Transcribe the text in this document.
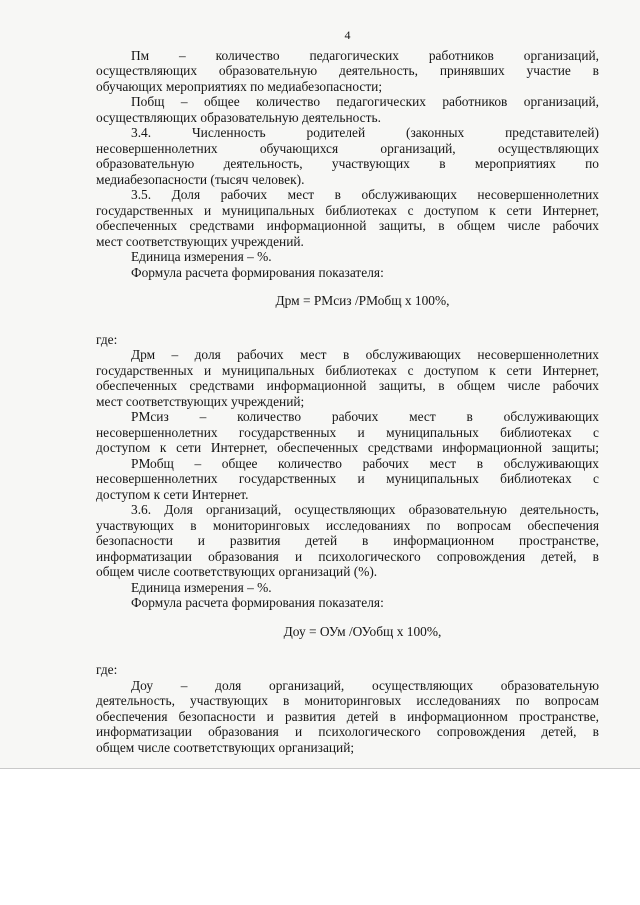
4
Пм – количество педагогических работников организаций,
осуществляющих образовательную деятельность, принявших участие в
обучающих мероприятиях по медиабезопасности;
Побщ – общее количество педагогических работников организаций,
осуществляющих образовательную деятельность.
3.4. Численность родителей (законных представителей)
несовершеннолетних обучающихся организаций, осуществляющих
образовательную деятельность, участвующих в мероприятиях по
медиабезопасности (тысяч человек).
3.5. Доля рабочих мест в обслуживающих несовершеннолетних
государственных и муниципальных библиотеках с доступом к сети Интернет,
обеспеченных средствами информационной защиты, в общем числе рабочих
мест соответствующих учреждений.
Единица измерения – %.
Формула расчета формирования показателя:
Дрм = РМсиз /РМобщ х 100%,
где:
Дрм – доля рабочих мест в обслуживающих несовершеннолетних
государственных и муниципальных библиотеках с доступом к сети Интернет,
обеспеченных средствами информационной защиты, в общем числе рабочих
мест соответствующих учреждений;
РМсиз – количество рабочих мест в обслуживающих
несовершеннолетних государственных и муниципальных библиотеках с
доступом к сети Интернет, обеспеченных средствами информационной защиты;
РМобщ – общее количество рабочих мест в обслуживающих
несовершеннолетних государственных и муниципальных библиотеках с
доступом к сети Интернет.
3.6. Доля организаций, осуществляющих образовательную деятельность,
участвующих в мониторинговых исследованиях по вопросам обеспечения
безопасности и развития детей в информационном пространстве,
информатизации образования и психологического сопровождения детей, в
общем числе соответствующих организаций (%).
Единица измерения – %.
Формула расчета формирования показателя:
Доу = ОУм /ОУобщ х 100%,
где:
Доу – доля организаций, осуществляющих образовательную
деятельность, участвующих в мониторинговых исследованиях по вопросам
обеспечения безопасности и развития детей в информационном пространстве,
информатизации образования и психологического сопровождения детей, в
общем числе соответствующих организаций;
